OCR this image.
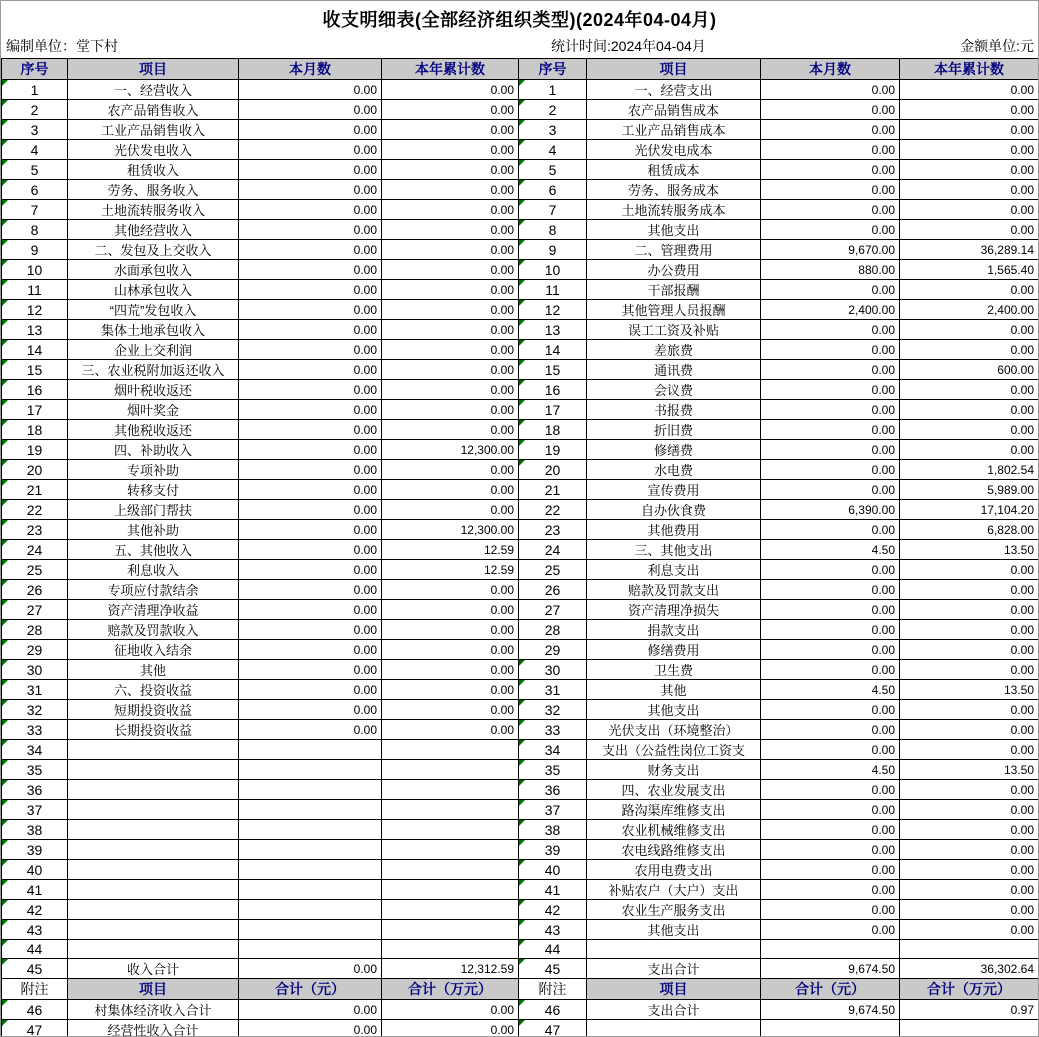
收支明细表(全部经济组织类型)(2024年04-04月)
编制单位：堂下村	统计时间:2024年04-04月	金额单位:元
序号	项目	本月数	本年累计数	序号	项目	本月数	本年累计数

1	一、经营收入	0.00	0.00	1	一、经营支出	0.00	0.00

2	农产品销售收入	0.00	0.00	2	农产品销售成本	0.00	0.00

3	工业产品销售收入	0.00	0.00	3	工业产品销售成本	0.00	0.00

4	光伏发电收入	0.00	0.00	4	光伏发电成本	0.00	0.00

5	租赁收入	0.00	0.00	5	租赁成本	0.00	0.00

6	劳务、服务收入	0.00	0.00	6	劳务、服务成本	0.00	0.00

7	土地流转服务收入	0.00	0.00	7	土地流转服务成本	0.00	0.00

8	其他经营收入	0.00	0.00	8	其他支出	0.00	0.00

9	二、发包及上交收入	0.00	0.00	9	二、管理费用	9,670.00	36,289.14

10	水面承包收入	0.00	0.00	10	办公费用	880.00	1,565.40

11	山林承包收入	0.00	0.00	11	干部报酬	0.00	0.00

12	“四荒”发包收入	0.00	0.00	12	其他管理人员报酬	2,400.00	2,400.00

13	集体土地承包收入	0.00	0.00	13	误工工资及补贴	0.00	0.00

14	企业上交利润	0.00	0.00	14	差旅费	0.00	0.00

15	三、农业税附加返还收入	0.00	0.00	15	通讯费	0.00	600.00

16	烟叶税收返还	0.00	0.00	16	会议费	0.00	0.00

17	烟叶奖金	0.00	0.00	17	书报费	0.00	0.00

18	其他税收返还	0.00	0.00	18	折旧费	0.00	0.00

19	四、补助收入	0.00	12,300.00	19	修缮费	0.00	0.00

20	专项补助	0.00	0.00	20	水电费	0.00	1,802.54

21	转移支付	0.00	0.00	21	宣传费用	0.00	5,989.00

22	上级部门帮扶	0.00	0.00	22	自办伙食费	6,390.00	17,104.20

23	其他补助	0.00	12,300.00	23	其他费用	0.00	6,828.00

24	五、其他收入	0.00	12.59	24	三、其他支出	4.50	13.50

25	利息收入	0.00	12.59	25	利息支出	0.00	0.00

26	专项应付款结余	0.00	0.00	26	赔款及罚款支出	0.00	0.00

27	资产清理净收益	0.00	0.00	27	资产清理净损失	0.00	0.00

28	赔款及罚款收入	0.00	0.00	28	捐款支出	0.00	0.00

29	征地收入结余	0.00	0.00	29	修缮费用	0.00	0.00

30	其他	0.00	0.00	30	卫生费	0.00	0.00

31	六、投资收益	0.00	0.00	31	其他	4.50	13.50

32	短期投资收益	0.00	0.00	32	其他支出	0.00	0.00

33	长期投资收益	0.00	0.00	33	光伏支出（环境整治）	0.00	0.00

34				34	支出（公益性岗位工资支	0.00	0.00

35				35	财务支出	4.50	13.50

36				36	四、农业发展支出	0.00	0.00

37				37	路沟渠库维修支出	0.00	0.00

38				38	农业机械维修支出	0.00	0.00

39				39	农电线路维修支出	0.00	0.00

40				40	农用电费支出	0.00	0.00

41				41	补贴农户（大户）支出	0.00	0.00

42				42	农业生产服务支出	0.00	0.00

43				43	其他支出	0.00	0.00

44				44			

45	收入合计	0.00	12,312.59	45	支出合计	9,674.50	36,302.64
附注	项目	合计（元）	合计（万元）	附注	项目	合计（元）	合计（万元）

46	村集体经济收入合计	0.00	0.00	46	支出合计	9,674.50	0.97

47	经营性收入合计	0.00	0.00	47			
